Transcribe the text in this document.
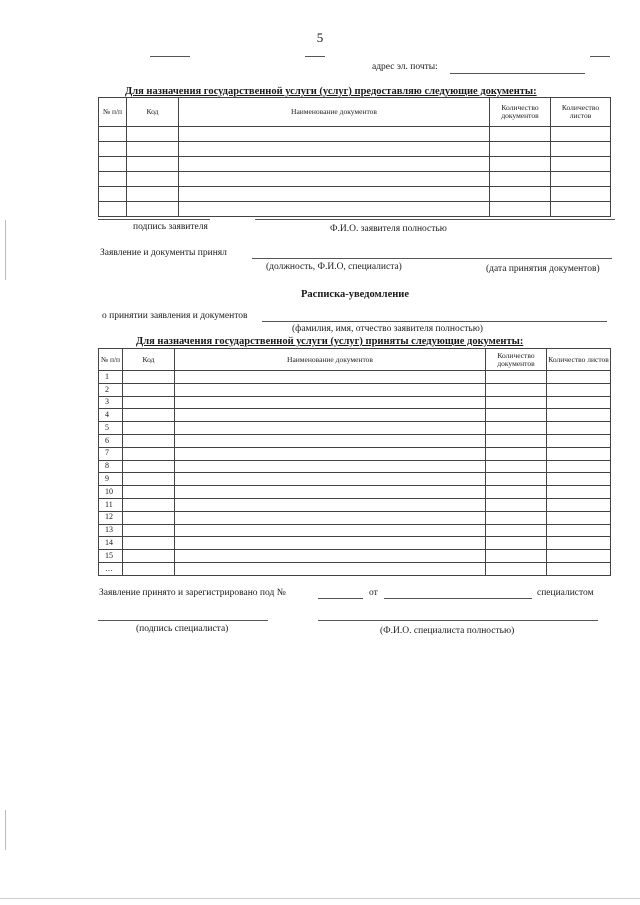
5
адрес эл. почты:
Для назначения государственной услуги (услуг) предоставляю следующие документы:
№ п/п	Код	Наименование документов	Количество документов	Количество листов

подпись заявителя	Ф.И.О. заявителя полностью
Заявление и документы принял
(должность, Ф.И.О, специалиста)	(дата принятия документов)
Расписка-уведомление
о принятии заявления и документов
(фамилия, имя, отчество заявителя полностью)
Для назначения государственной услуги (услуг) приняты следующие документы:
№ п/п	Код	Наименование документов	Количество документов	Количество листов
1				
2				
3				
4				
5				
6				
7				
8				
9				
10				
11				
12				
13				
14				
15				
…				
Заявление принято и зарегистрировано под №	от	специалистом
(подпись специалиста)	(Ф.И.О. специалиста полностью)
